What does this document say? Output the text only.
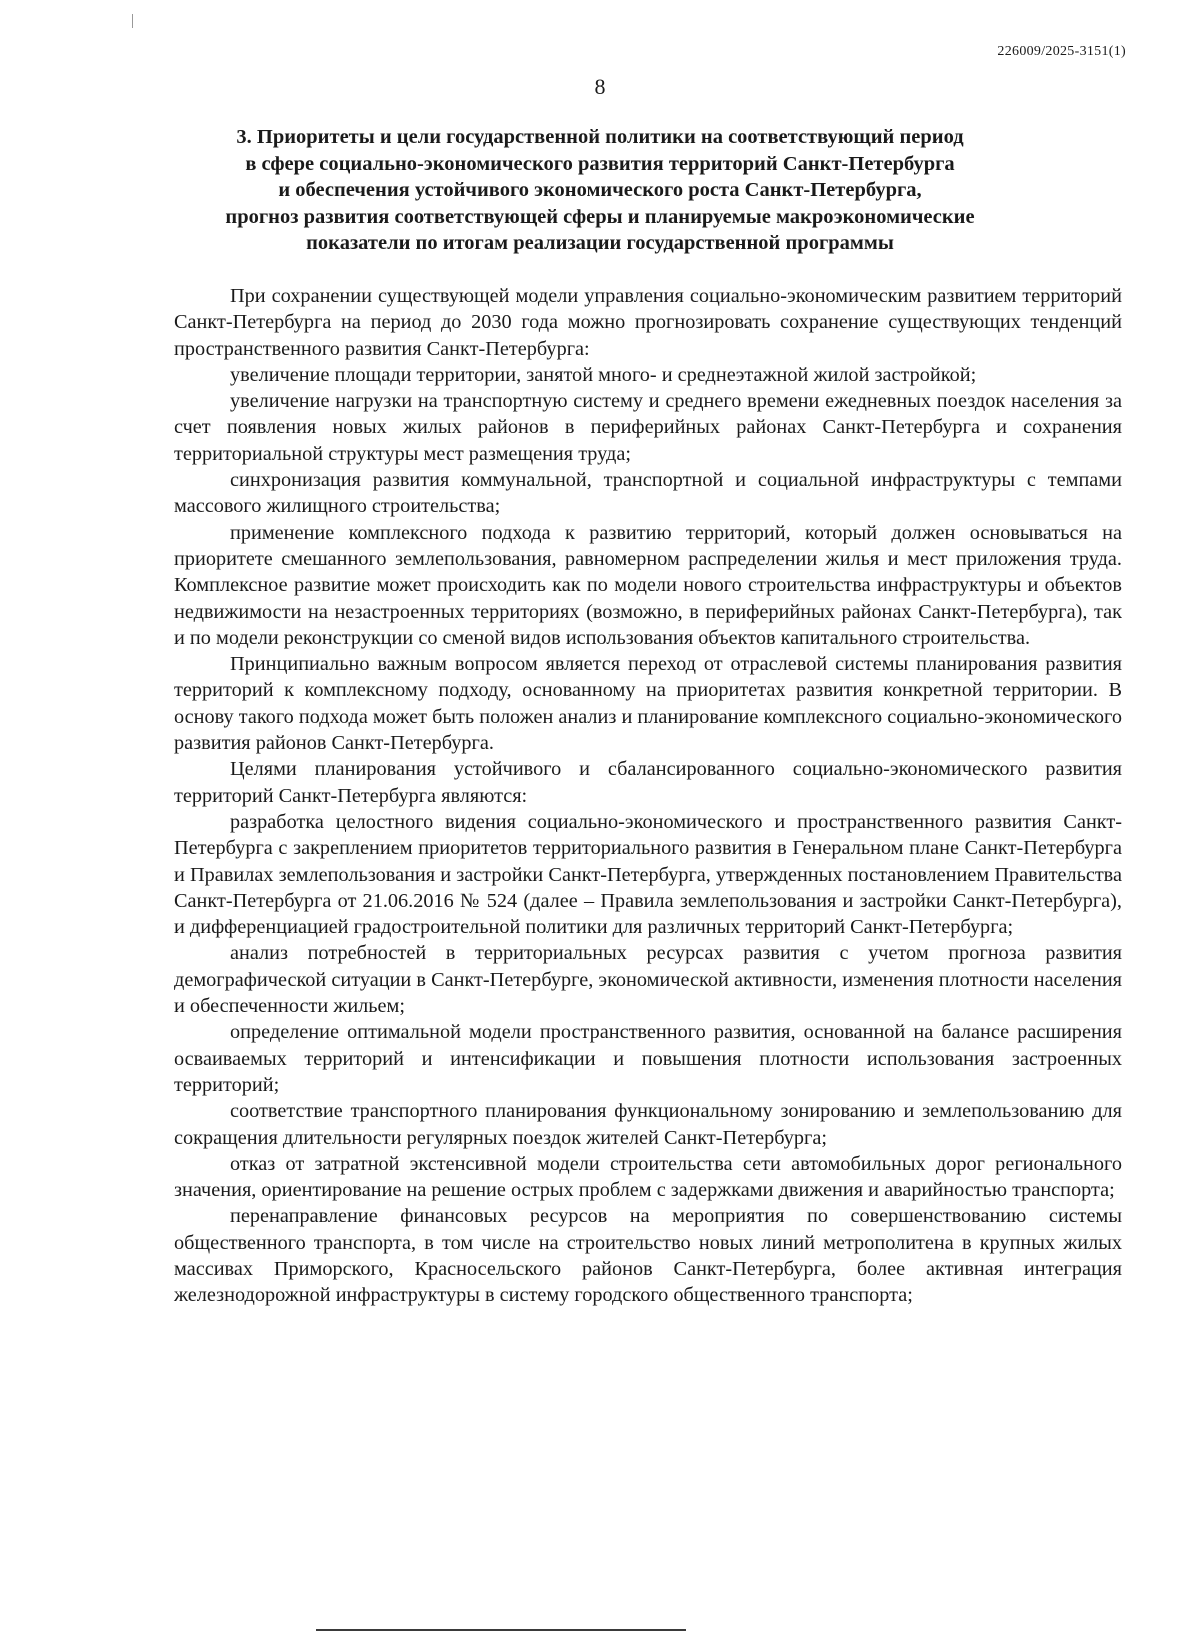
226009/2025-3151(1)
8
3. Приоритеты и цели государственной политики на соответствующий период
в сфере социально-экономического развития территорий Санкт-Петербурга
и обеспечения устойчивого экономического роста Санкт-Петербурга,
прогноз развития соответствующей сферы и планируемые макроэкономические
показатели по итогам реализации государственной программы

При сохранении существующей модели управления социально-экономическим развитием территорий Санкт-Петербурга на период до 2030 года можно прогнозировать сохранение существующих тенденций пространственного развития Санкт-Петербурга:

увеличение площади территории, занятой много- и среднеэтажной жилой застройкой;

увеличение нагрузки на транспортную систему и среднего времени ежедневных поездок населения за счет появления новых жилых районов в периферийных районах Санкт-Петербурга и сохранения территориальной структуры мест размещения труда;

синхронизация развития коммунальной, транспортной и социальной инфраструктуры с темпами массового жилищного строительства;

применение комплексного подхода к развитию территорий, который должен основываться на приоритете смешанного землепользования, равномерном распределении жилья и мест приложения труда. Комплексное развитие может происходить как по модели нового строительства инфраструктуры и объектов недвижимости на незастроенных территориях (возможно, в периферийных районах Санкт-Петербурга), так и по модели реконструкции со сменой видов использования объектов капитального строительства.

Принципиально важным вопросом является переход от отраслевой системы планирования развития территорий к комплексному подходу, основанному на приоритетах развития конкретной территории. В основу такого подхода может быть положен анализ и планирование комплексного социально-экономического развития районов Санкт-Петербурга.

Целями планирования устойчивого и сбалансированного социально-экономического развития территорий Санкт-Петербурга являются:

разработка целостного видения социально-экономического и пространственного развития Санкт-Петербурга с закреплением приоритетов территориального развития в Генеральном плане Санкт-Петербурга и Правилах землепользования и застройки Санкт-Петербурга, утвержденных постановлением Правительства Санкт-Петербурга от 21.06.2016 № 524 (далее – Правила землепользования и застройки Санкт-Петербурга), и дифференциацией градостроительной политики для различных территорий Санкт-Петербурга;

анализ потребностей в территориальных ресурсах развития с учетом прогноза развития демографической ситуации в Санкт-Петербурге, экономической активности, изменения плотности населения и обеспеченности жильем;

определение оптимальной модели пространственного развития, основанной на балансе расширения осваиваемых территорий и интенсификации и повышения плотности использования застроенных территорий;

соответствие транспортного планирования функциональному зонированию и землепользованию для сокращения длительности регулярных поездок жителей Санкт-Петербурга;

отказ от затратной экстенсивной модели строительства сети автомобильных дорог регионального значения, ориентирование на решение острых проблем с задержками движения и аварийностью транспорта;

перенаправление финансовых ресурсов на мероприятия по совершенствованию системы общественного транспорта, в том числе на строительство новых линий метрополитена в крупных жилых массивах Приморского, Красносельского районов Санкт-Петербурга, более активная интеграция железнодорожной инфраструктуры в систему городского общественного транспорта;
